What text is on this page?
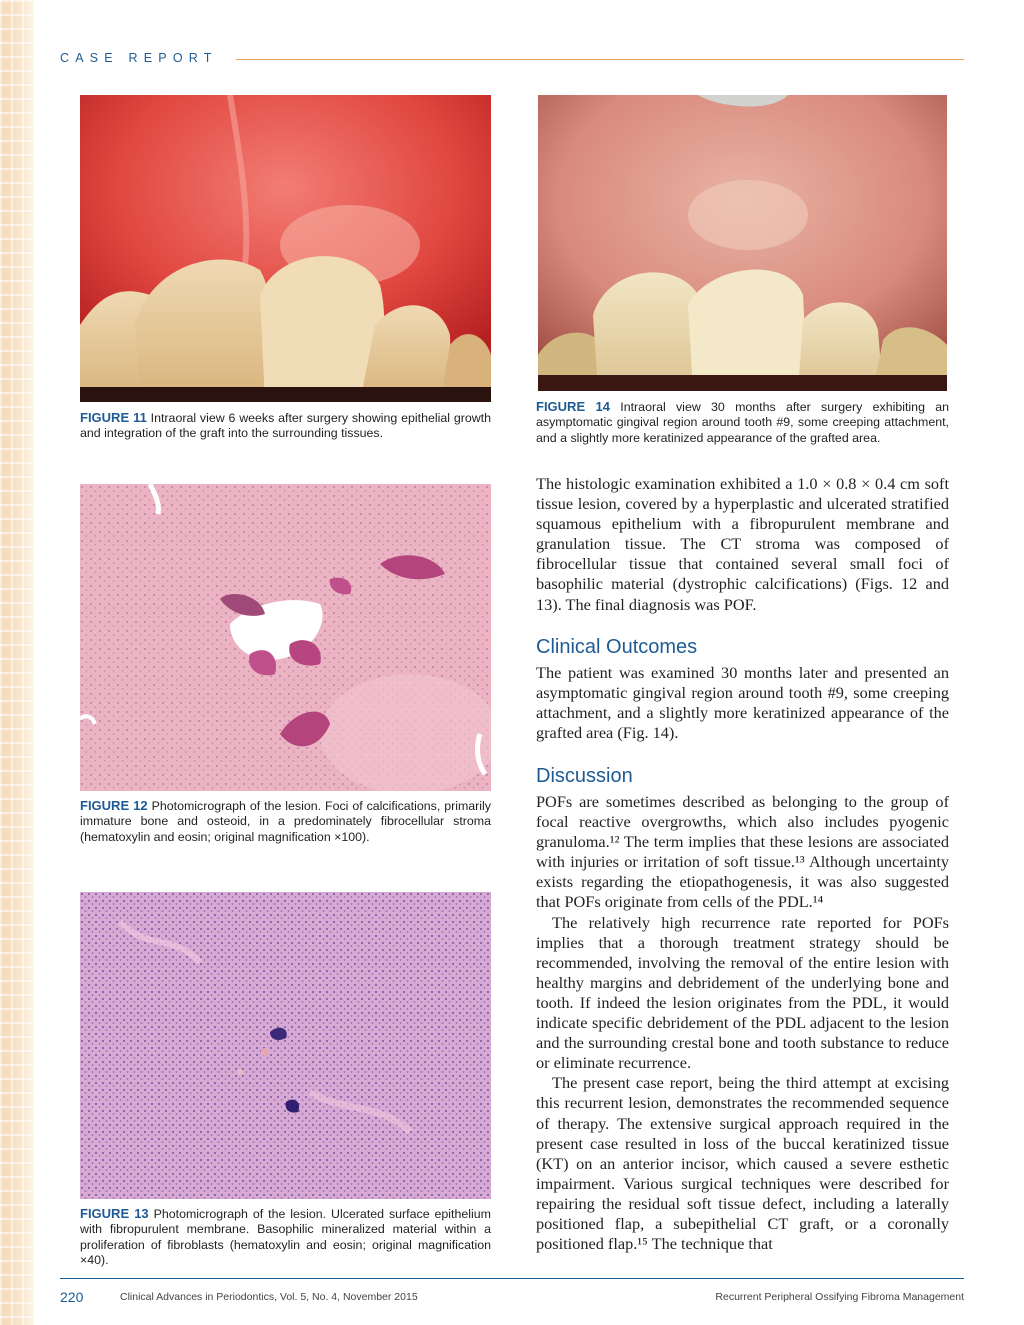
CASE REPORT
FIGURE 11 Intraoral view 6 weeks after surgery showing epithelial growth and integration of the graft into the surrounding tissues.
FIGURE 14 Intraoral view 30 months after surgery exhibiting an asymptomatic gingival region around tooth #9, some creeping attachment, and a slightly more keratinized appearance of the grafted area.
FIGURE 12 Photomicrograph of the lesion. Foci of calcifications, primarily immature bone and osteoid, in a predominately fibrocellular stroma (hematoxylin and eosin; original magnification ×100).
FIGURE 13 Photomicrograph of the lesion. Ulcerated surface epithelium with fibropurulent membrane. Basophilic mineralized material within a proliferation of fibroblasts (hematoxylin and eosin; original magnification ×40).

The histologic examination exhibited a 1.0 × 0.8 × 0.4 cm soft tissue lesion, covered by a hyperplastic and ulcerated stratified squamous epithelium with a fibropurulent membrane and granulation tissue. The CT stroma was composed of fibrocellular tissue that contained several small foci of basophilic material (dystrophic calcifications) (Figs. 12 and 13). The final diagnosis was POF.

Clinical Outcomes

The patient was examined 30 months later and presented an asymptomatic gingival region around tooth #9, some creeping attachment, and a slightly more keratinized appearance of the grafted area (Fig. 14).

Discussion

POFs are sometimes described as belonging to the group of focal reactive overgrowths, which also includes pyogenic granuloma.¹² The term implies that these lesions are associated with injuries or irritation of soft tissue.¹³ Although uncertainty exists regarding the etiopathogenesis, it was also suggested that POFs originate from cells of the PDL.¹⁴

The relatively high recurrence rate reported for POFs implies that a thorough treatment strategy should be recommended, involving the removal of the entire lesion with healthy margins and debridement of the underlying bone and tooth. If indeed the lesion originates from the PDL, it would indicate specific debridement of the PDL adjacent to the lesion and the surrounding crestal bone and tooth substance to reduce or eliminate recurrence.

The present case report, being the third attempt at excising this recurrent lesion, demonstrates the recommended sequence of therapy. The extensive surgical approach required in the present case resulted in loss of the buccal keratinized tissue (KT) on an anterior incisor, which caused a severe esthetic impairment. Various surgical techniques were described for repairing the residual soft tissue defect, including a laterally positioned flap, a subepithelial CT graft, or a coronally positioned flap.¹⁵ The technique that

220	Clinical Advances in Periodontics, Vol. 5, No. 4, November 2015	Recurrent Peripheral Ossifying Fibroma Management
